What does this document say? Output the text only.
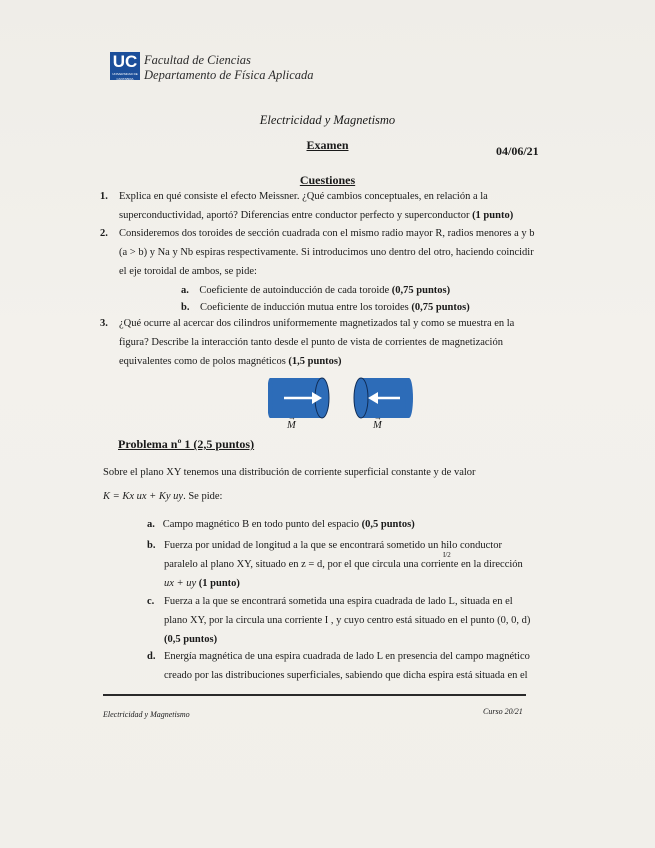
UC
UNIVERSIDAD DE CANTABRIA
Facultad de Ciencias
Departamento de Física Aplicada
Electricidad y Magnetismo
Examen	04/06/21
Cuestiones
1. Explica en qué consiste el efecto Meissner. ¿Qué cambios conceptuales, en relación a la
superconductividad, aportó? Diferencias entre conductor perfecto y superconductor (1 punto)
2. Consideremos dos toroides de sección cuadrada con el mismo radio mayor R, radios menores a y b
(a > b) y Na y Nb espiras respectivamente. Si introducimos uno dentro del otro, haciendo coincidir
el eje toroidal de ambos, se pide:
a. Coeficiente de autoinducción de cada toroide (0,75 puntos)
b. Coeficiente de inducción mutua entre los toroides (0,75 puntos)
3. ¿Qué ocurre al acercar dos cilindros uniformemente magnetizados tal y como se muestra en la
figura? Describe la interacción tanto desde el punto de vista de corrientes de magnetización
equivalentes como de polos magnéticos (1,5 puntos)
→
M
→
M
Problema nº 1 (2,5 puntos)
Sobre el plano XY tenemos una distribución de corriente superficial constante y de valor
K = Kx ux + Ky uy. Se pide:
a. Campo magnético B en todo punto del espacio (0,5 puntos)
b. Fuerza por unidad de longitud a la que se encontrará sometido un hilo conductor
paralelo al plano XY, situado en z = d, por el que circula una corriente en la dirección
I/2
ux + uy (1 punto)
c. Fuerza a la que se encontrará sometida una espira cuadrada de lado L, situada en el
plano XY, por la circula una corriente I , y cuyo centro está situado en el punto (0, 0, d)
(0,5 puntos)
d. Energía magnética de una espira cuadrada de lado L en presencia del campo magnético
creado por las distribuciones superficiales, sabiendo que dicha espira está situada en el
Electricidad y Magnetismo	Curso 20/21
